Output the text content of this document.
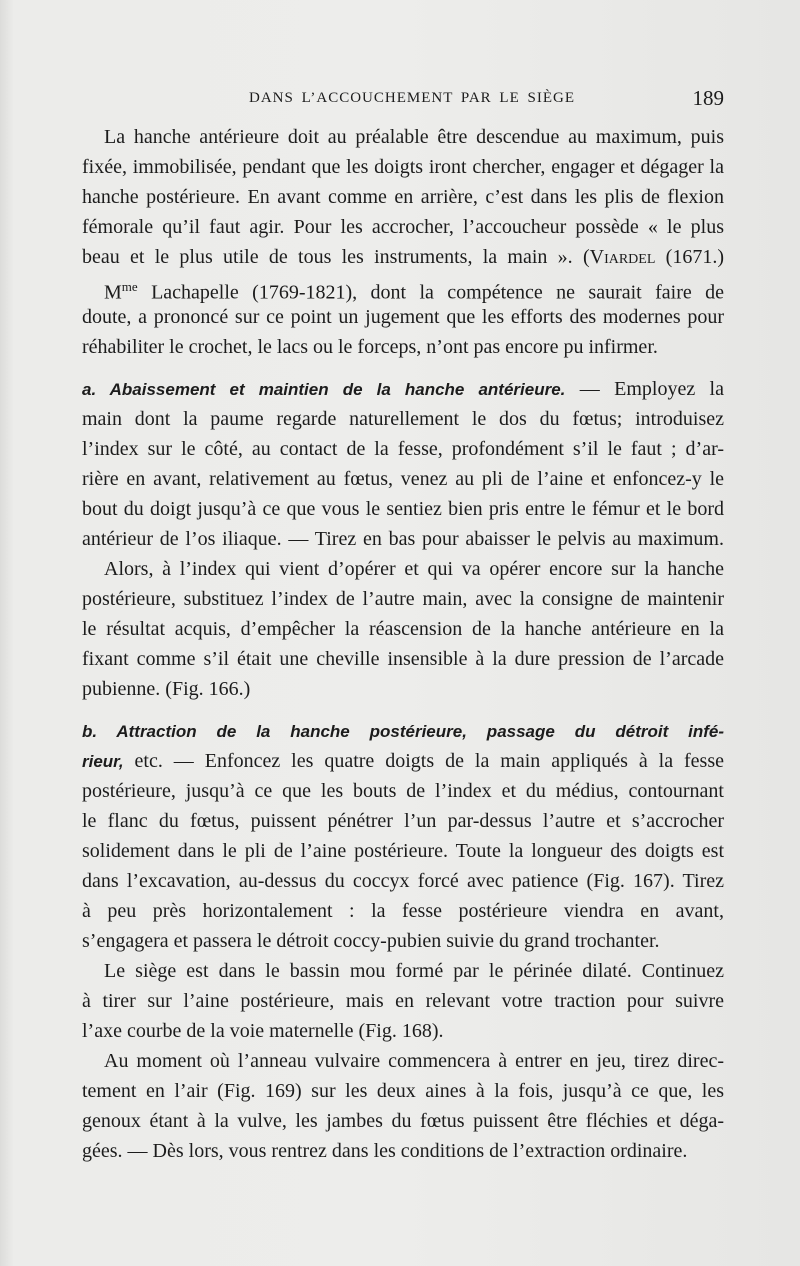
DANS L’ACCOUCHEMENT PAR LE SIÈGE	189
La hanche antérieure doit au préalable être descendue au maximum, puis
fixée, immobilisée, pendant que les doigts iront chercher, engager et dégager la
hanche postérieure. En avant comme en arrière, c’est dans les plis de flexion
fémorale qu’il faut agir. Pour les accrocher, l’accoucheur possède « le plus
beau et le plus utile de tous les instruments, la main ». (Viardel (1671.)
$M^{me}$ Lachapelle (1769-1821), dont la compétence ne saurait faire de
doute, a prononcé sur ce point un jugement que les efforts des modernes pour
réhabiliter le crochet, le lacs ou le forceps, n’ont pas encore pu infirmer.
a. Abaissement et maintien de la hanche antérieure. — Employez la
main dont la paume regarde naturellement le dos du fœtus; introduisez
l’index sur le côté, au contact de la fesse, profondément s’il le faut ; d’ar-
rière en avant, relativement au fœtus, venez au pli de l’aine et enfoncez-y le
bout du doigt jusqu’à ce que vous le sentiez bien pris entre le fémur et le bord
antérieur de l’os iliaque. — Tirez en bas pour abaisser le pelvis au maximum.
Alors, à l’index qui vient d’opérer et qui va opérer encore sur la hanche
postérieure, substituez l’index de l’autre main, avec la consigne de maintenir
le résultat acquis, d’empêcher la réascension de la hanche antérieure en la
fixant comme s’il était une cheville insensible à la dure pression de l’arcade
pubienne. (Fig. 166.)
b. Attraction de la hanche postérieure, passage du détroit infé-
rieur, etc. — Enfoncez les quatre doigts de la main appliqués à la fesse
postérieure, jusqu’à ce que les bouts de l’index et du médius, contournant
le flanc du fœtus, puissent pénétrer l’un par-dessus l’autre et s’accrocher
solidement dans le pli de l’aine postérieure. Toute la longueur des doigts est
dans l’excavation, au-dessus du coccyx forcé avec patience (Fig. 167). Tirez
à peu près horizontalement : la fesse postérieure viendra en avant,
s’engagera et passera le détroit coccy-pubien suivie du grand trochanter.
Le siège est dans le bassin mou formé par le périnée dilaté. Continuez
à tirer sur l’aine postérieure, mais en relevant votre traction pour suivre
l’axe courbe de la voie maternelle (Fig. 168).
Au moment où l’anneau vulvaire commencera à entrer en jeu, tirez direc-
tement en l’air (Fig. 169) sur les deux aines à la fois, jusqu’à ce que, les
genoux étant à la vulve, les jambes du fœtus puissent être fléchies et déga-
gées. — Dès lors, vous rentrez dans les conditions de l’extraction ordinaire.
